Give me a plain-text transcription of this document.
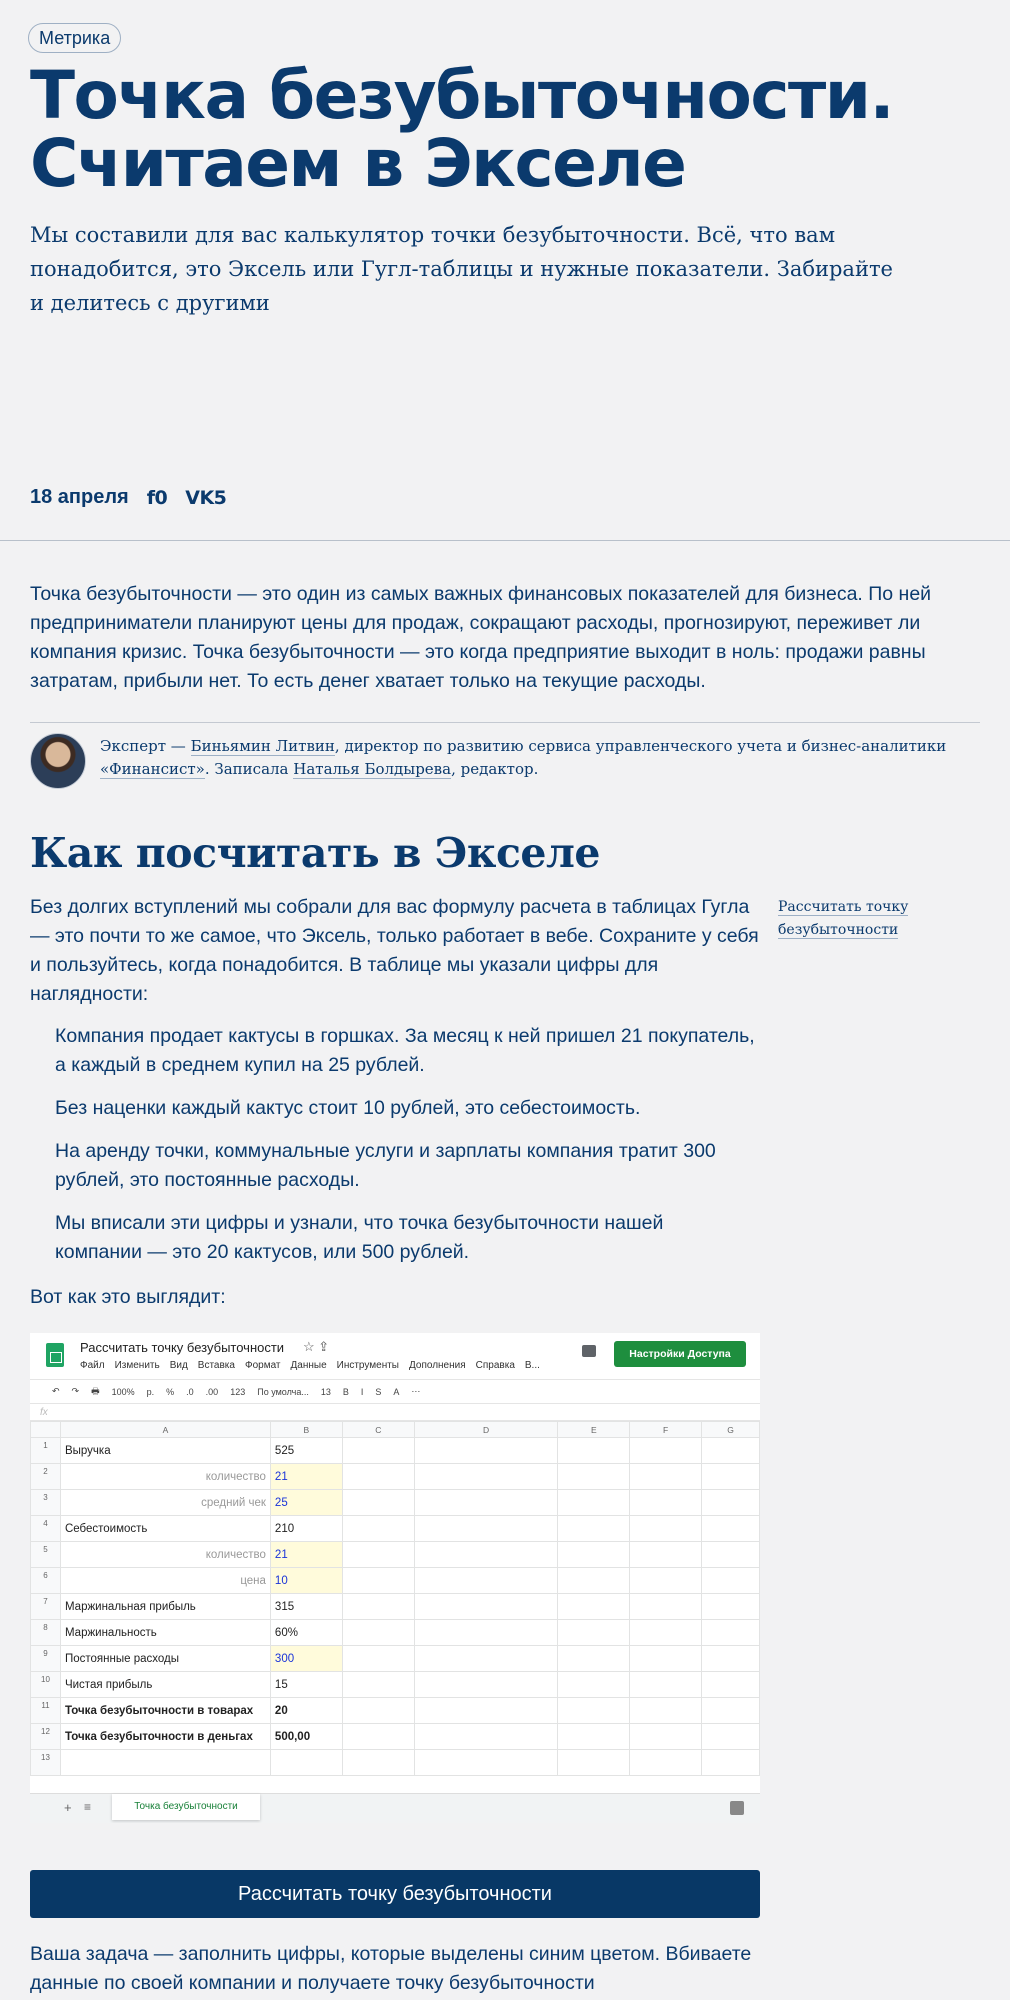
Метрика
Точка безубыточности.
Считаем в Экселе

Мы составили для вас калькулятор точки безубыточности. Всё, что вам понадобится, это Эксель или Гугл-таблицы и нужные показатели. Забирайте и делитесь с другими

18 апреля f0 VK5

Точка безубыточности — это один из самых важных финансовых показателей для бизнеса. По ней предприниматели планируют цены для продаж, сокращают расходы, прогнозируют, переживет ли компания кризис. Точка безубыточности — это когда предприятие выходит в ноль: продажи равны затратам, прибыли нет. То есть денег хватает только на текущие расходы.

Эксперт — Биньямин Литвин, директор по развитию сервиса управленческого учета и бизнес-аналитики «Финансист». Записала Наталья Болдырева, редактор.
Как посчитать в Экселе

Без долгих вступлений мы собрали для вас формулу расчета в таблицах Гугла — это почти то же самое, что Эксель, только работает в вебе. Сохраните у себя и пользуйтесь, когда понадобится. В таблице мы указали цифры для наглядности:

Рассчитать точку безубыточности

Компания продает кактусы в горшках. За месяц к ней пришел 21 покупатель, а каждый в среднем купил на 25 рублей.

Без наценки каждый кактус стоит 10 рублей, это себестоимость.

На аренду точки, коммунальные услуги и зарплаты компания тратит 300 рублей, это постоянные расходы.

Мы вписали эти цифры и узнали, что точка безубыточности нашей компании — это 20 кактусов, или 500 рублей.

Вот как это выглядит:

Рассчитать точку безубыточности ☆ ⇪
Файл Изменить Вид Вставка Формат Данные Инструменты Дополнения Справка В...
Настройки Доступа
↶ ↷ 🖶 100% р. % .0 .00 123 По умолча... 13 B I S A ⋯
fx
	A	B	C	D	E	F	G
1	Выручка	525					
2	количество	21					
3	средний чек	25					
4	Себестоимость	210					
5	количество	21					
6	цена	10					
7	Маржинальная прибыль	315					
8	Маржинальность	60%					
9	Постоянные расходы	300					
10	Чистая прибыль	15					
11	Точка безубыточности в товарах	20					
12	Точка безубыточности в деньгах	500,00					
13							
+ ≡	Точка безубыточности
Рассчитать точку безубыточности

Ваша задача — заполнить цифры, которые выделены синим цветом. Вбиваете данные по своей компании и получаете точку безубыточности
